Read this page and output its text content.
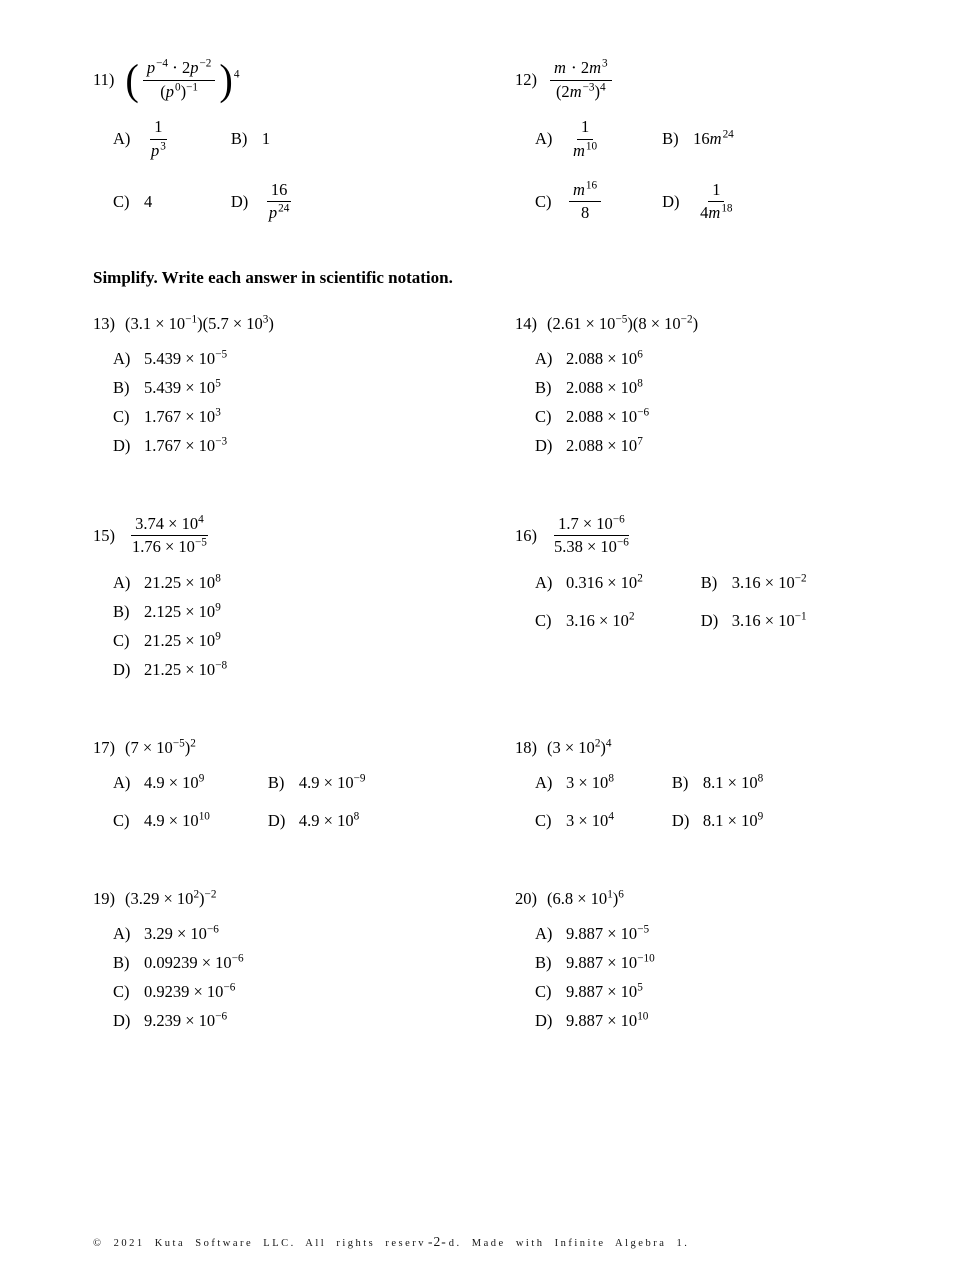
11) ( $\frac{p^{-4} \cdot 2p^{-2}}{(p^0)^{-1}}$ ) $^4$
$A) \frac{1}{p^3}$	B) 1
C) 4	$D) \frac{16}{p^{24}}$
$12) \frac{m \cdot 2m^3}{(2m^{-3})^4}$
$A) \frac{1}{m^{10}}$	B) $16m^{24}$
C)	$\frac{m^{16}}{8}$	$D) \frac{1}{4m^{18}}$
Simplify. Write each answer in scientific notation.
13) $(3.1 \times 10^{-1})(5.7 \times 10^3)$
A) $5.439 \times 10^{-5}$
B) $5.439 \times 10^5$
C) $1.767 \times 10^3$
D) $1.767 \times 10^{-3}$
14) $(2.61 \times 10^{-5})(8 \times 10^{-2})$
A) $2.088 \times 10^6$
B) $2.088 \times 10^8$
C) $2.088 \times 10^{-6}$
D) $2.088 \times 10^7$
$15) \frac{3.74 \times 10^4}{1.76 \times 10^{-5}}$
A) $21.25 \times 10^8$
B) $2.125 \times 10^9$
C) $21.25 \times 10^9$
D) $21.25 \times 10^{-8}$
$16) \frac{1.7 \times 10^{-6}}{5.38 \times 10^{-6}}$
A) $0.316 \times 10^2$	B) $3.16 \times 10^{-2}$
C) $3.16 \times 10^2$	D) $3.16 \times 10^{-1}$
17) $(7 \times 10^{-5})^2$
A) $4.9 \times 10^9$	B) $4.9 \times 10^{-9}$
C) $4.9 \times 10^{10}$	D) $4.9 \times 10^8$
18) $(3 \times 10^2)^4$
A) $3 \times 10^8$	B) $8.1 \times 10^8$
C) $3 \times 10^4$	D) $8.1 \times 10^9$
19) $(3.29 \times 10^2)^{-2}$
A) $3.29 \times 10^{-6}$
B) $0.09239 \times 10^{-6}$
C) $0.9239 \times 10^{-6}$
D) $9.239 \times 10^{-6}$
20) $(6.8 \times 10^1)^6$
A) $9.887 \times 10^{-5}$
B) $9.887 \times 10^{-10}$
C) $9.887 \times 10^5$
D) $9.887 \times 10^{10}$
© 2021 Kuta Software LLC. All rights reserv -2- d. Made with Infinite Algebra 1.
